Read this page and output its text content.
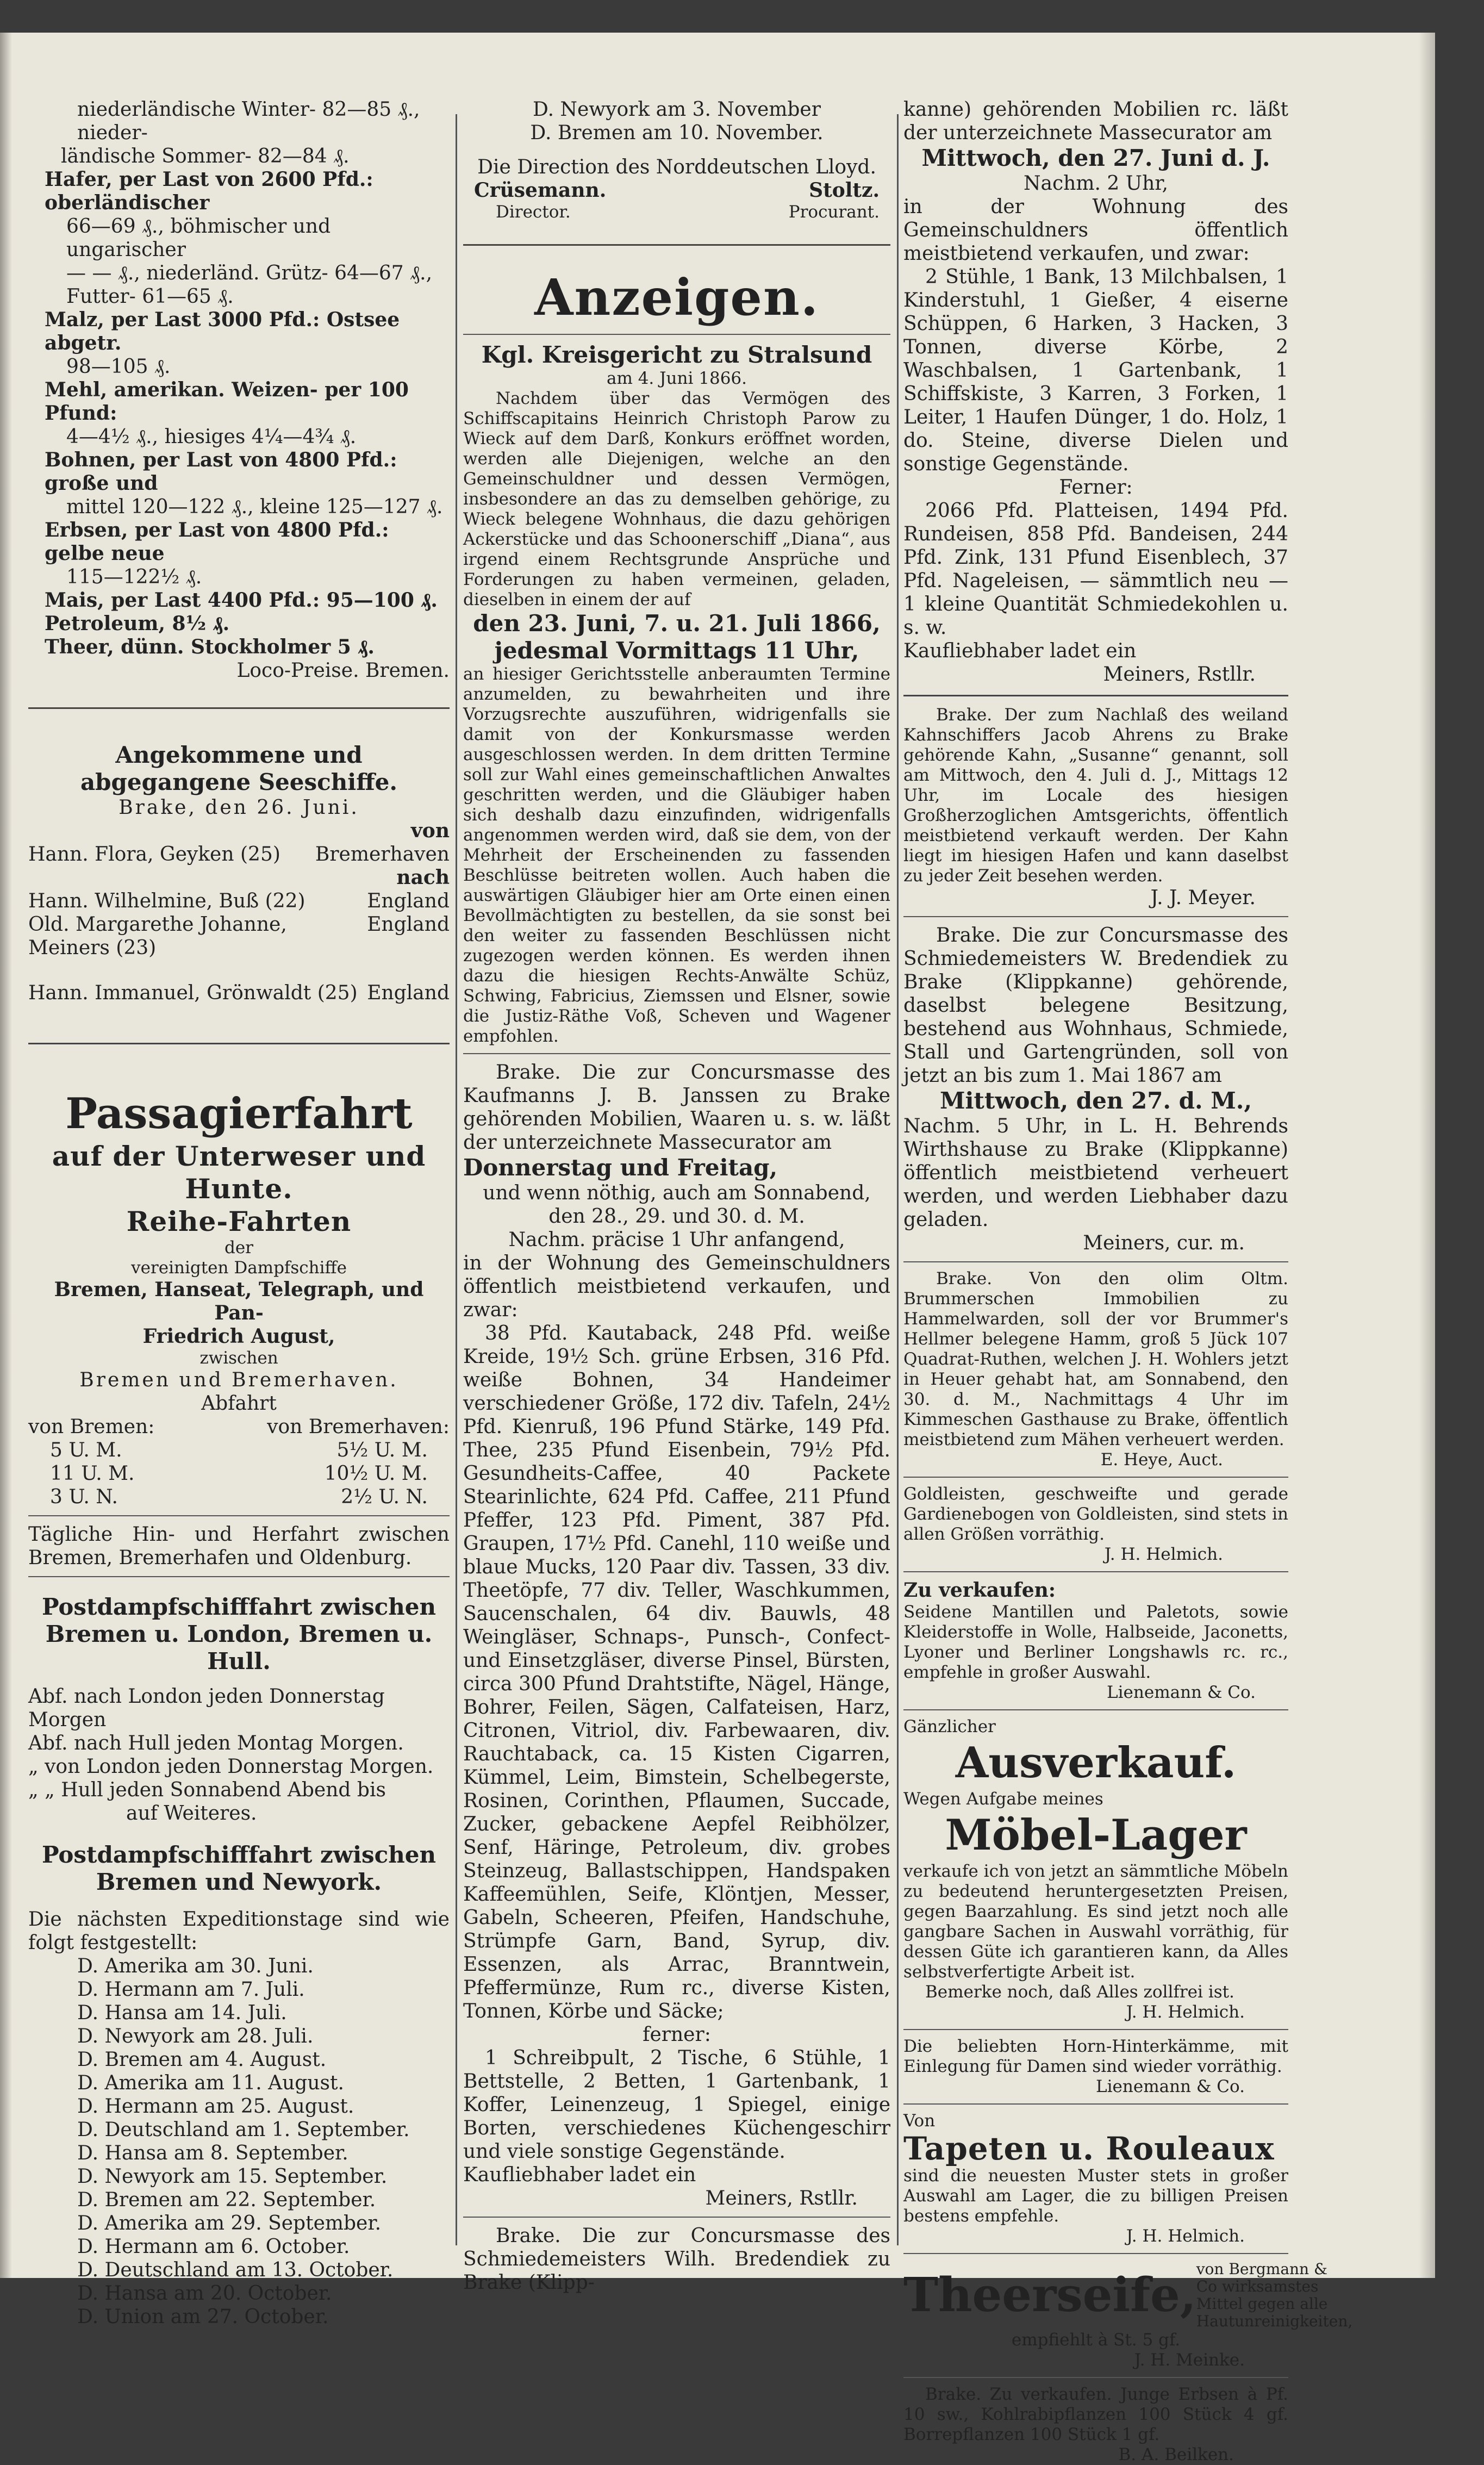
niederländische Winter- 82—85 ₰., nieder-

ländische Sommer- 82—84 ₰.

Hafer, per Last von 2600 Pfd.: oberländischer

66—69 ₰., böhmischer und ungarischer

— — ₰., niederländ. Grütz- 64—67 ₰.,

Futter- 61—65 ₰.

Malz, per Last 3000 Pfd.: Ostsee abgetr.

98—105 ₰.

Mehl, amerikan. Weizen- per 100 Pfund:

4—4½ ₰., hiesiges 4¼—4¾ ₰.

Bohnen, per Last von 4800 Pfd.: große und

mittel 120—122 ₰., kleine 125—127 ₰.

Erbsen, per Last von 4800 Pfd.: gelbe neue

115—122½ ₰.

Mais, per Last 4400 Pfd.: 95—100 ₰.

Petroleum, 8½ ₰.

Theer, dünn. Stockholmer 5 ₰.

Loco-Preise. Bremen.

Angekommene und abgegangene Seeschiffe.

Brake, den 26. Juni.

von

Hann. Flora, Geyken (25) Bremerhaven

nach

Hann. Wilhelmine, Buß (22)	England
Old. Margarethe Johanne, Meiners (23)
England
Hann. Immanuel, Grönwaldt (25) England

Passagierfahrt

auf der Unterweser und Hunte.

Reihe-Fahrten

der

vereinigten Dampfschiffe

Bremen, Hanseat, Telegraph, und Pan-

Friedrich August,

zwischen

Bremen und Bremerhaven.

Abfahrt

von Bremen:	von Bremerhaven:
5 U. M.	5½ U. M.
11 U. M.	10½ U. M.
3 U. N.	2½ U. N.

Tägliche Hin- und Herfahrt zwischen Bremen, Bremerhafen und Oldenburg.

Postdampfschifffahrt zwischen Bremen u. London, Bremen u. Hull.

Abf. nach London jeden Donnerstag Morgen

Abf. nach Hull jeden Montag Morgen.

„ von London jeden Donnerstag Morgen.

„ „ Hull jeden Sonnabend Abend bis

auf Weiteres.

Postdampfschifffahrt zwischen Bremen und Newyork.

Die nächsten Expeditionstage sind wie folgt festgestellt:

D. Amerika am 30. Juni.
D. Hermann am 7. Juli.
D. Hansa am 14. Juli.
D. Newyork am 28. Juli.
D. Bremen am 4. August.
D. Amerika am 11. August.
D. Hermann am 25. August.
D. Deutschland am 1. September.
D. Hansa am 8. September.
D. Newyork am 15. September.
D. Bremen am 22. September.
D. Amerika am 29. September.
D. Hermann am 6. October.
D. Deutschland am 13. October.
D. Hansa am 20. October.
D. Union am 27. October.

D. Newyork am 3. November

D. Bremen am 10. November.

Die Direction des Norddeutschen Lloyd.

Crüsemann.	Stoltz.
Director.	Procurant.

Anzeigen.

Kgl. Kreisgericht zu Stralsund

am 4. Juni 1866.

Nachdem über das Vermögen des Schiffscapitains Heinrich Christoph Parow zu Wieck auf dem Darß, Konkurs eröffnet worden, werden alle Diejenigen, welche an den Gemeinschuldner und dessen Vermögen, insbesondere an das zu demselben gehörige, zu Wieck belegene Wohnhaus, die dazu gehörigen Ackerstücke und das Schoonerschiff „Diana“, aus irgend einem Rechtsgrunde Ansprüche und Forderungen zu haben vermeinen, geladen, dieselben in einem der auf

den 23. Juni, 7. u. 21. Juli 1866,

jedesmal Vormittags 11 Uhr,

an hiesiger Gerichtsstelle anberaumten Termine anzumelden, zu bewahrheiten und ihre Vorzugsrechte auszuführen, widrigenfalls sie damit von der Konkursmasse werden ausgeschlossen werden. In dem dritten Termine soll zur Wahl eines gemeinschaftlichen Anwaltes geschritten werden, und die Gläubiger haben sich deshalb dazu einzufinden, widrigenfalls angenommen werden wird, daß sie dem, von der Mehrheit der Erscheinenden zu fassenden Beschlüsse beitreten wollen. Auch haben die auswärtigen Gläubiger hier am Orte einen einen Bevollmächtigten zu bestellen, da sie sonst bei den weiter zu fassenden Beschlüssen nicht zugezogen werden können. Es werden ihnen dazu die hiesigen Rechts-Anwälte Schüz, Schwing, Fabricius, Ziemssen und Elsner, sowie die Justiz-Räthe Voß, Scheven und Wagener empfohlen.

Brake. Die zur Concursmasse des Kaufmanns J. B. Janssen zu Brake gehörenden Mobilien, Waaren u. s. w. läßt der unterzeichnete Massecurator am

Donnerstag und Freitag,

und wenn nöthig, auch am Sonnabend,

den 28., 29. und 30. d. M.

Nachm. präcise 1 Uhr anfangend,

in der Wohnung des Gemeinschuldners öffentlich meistbietend verkaufen, und zwar:

38 Pfd. Kautaback, 248 Pfd. weiße Kreide, 19½ Sch. grüne Erbsen, 316 Pfd. weiße Bohnen, 34 Handeimer verschiedener Größe, 172 div. Tafeln, 24½ Pfd. Kienruß, 196 Pfund Stärke, 149 Pfd. Thee, 235 Pfund Eisenbein, 79½ Pfd. Gesundheits-Caffee, 40 Packete Stearinlichte, 624 Pfd. Caffee, 211 Pfund Pfeffer, 123 Pfd. Piment, 387 Pfd. Graupen, 17½ Pfd. Canehl, 110 weiße und blaue Mucks, 120 Paar div. Tassen, 33 div. Theetöpfe, 77 div. Teller, Waschkummen, Saucenschalen, 64 div. Bauwls, 48 Weingläser, Schnaps-, Punsch-, Confect- und Einsetzgläser, diverse Pinsel, Bürsten, circa 300 Pfund Drahtstifte, Nägel, Hänge, Bohrer, Feilen, Sägen, Calfateisen, Harz, Citronen, Vitriol, div. Farbewaaren, div. Rauchtaback, ca. 15 Kisten Cigarren, Kümmel, Leim, Bimstein, Schelbegerste, Rosinen, Corinthen, Pflaumen, Succade, Zucker, gebackene Aepfel Reibhölzer, Senf, Häringe, Petroleum, div. grobes Steinzeug, Ballastschippen, Handspaken Kaffeemühlen, Seife, Klöntjen, Messer, Gabeln, Scheeren, Pfeifen, Handschuhe, Strümpfe Garn, Band, Syrup, div. Essenzen, als Arrac, Branntwein, Pfeffermünze, Rum rc., diverse Kisten, Tonnen, Körbe und Säcke;

ferner:

1 Schreibpult, 2 Tische, 6 Stühle, 1 Bettstelle, 2 Betten, 1 Gartenbank, 1 Koffer, Leinenzeug, 1 Spiegel, einige Borten, verschiedenes Küchengeschirr und viele sonstige Gegenstände.

Kaufliebhaber ladet ein

Meiners, Rstllr.

Brake. Die zur Concursmasse des Schmiedemeisters Wilh. Bredendiek zu Brake (Klipp-

kanne) gehörenden Mobilien rc. läßt der unterzeichnete Massecurator am

Mittwoch, den 27. Juni d. J.

Nachm. 2 Uhr,

in der Wohnung des Gemeinschuldners öffentlich meistbietend verkaufen, und zwar:

2 Stühle, 1 Bank, 13 Milchbalsen, 1 Kinderstuhl, 1 Gießer, 4 eiserne Schüppen, 6 Harken, 3 Hacken, 3 Tonnen, diverse Körbe, 2 Waschbalsen, 1 Gartenbank, 1 Schiffskiste, 3 Karren, 3 Forken, 1 Leiter, 1 Haufen Dünger, 1 do. Holz, 1 do. Steine, diverse Dielen und sonstige Gegenstände.

Ferner:

2066 Pfd. Platteisen, 1494 Pfd. Rundeisen, 858 Pfd. Bandeisen, 244 Pfd. Zink, 131 Pfund Eisenblech, 37 Pfd. Nageleisen, — sämmtlich neu — 1 kleine Quantität Schmiedekohlen u. s. w.

Kaufliebhaber ladet ein

Meiners, Rstllr.

Brake. Der zum Nachlaß des weiland Kahnschiffers Jacob Ahrens zu Brake gehörende Kahn, „Susanne“ genannt, soll am Mittwoch, den 4. Juli d. J., Mittags 12 Uhr, im Locale des hiesigen Großherzoglichen Amtsgerichts, öffentlich meistbietend verkauft werden. Der Kahn liegt im hiesigen Hafen und kann daselbst zu jeder Zeit besehen werden.

J. J. Meyer.

Brake. Die zur Concursmasse des Schmiedemeisters W. Bredendiek zu Brake (Klippkanne) gehörende, daselbst belegene Besitzung, bestehend aus Wohnhaus, Schmiede, Stall und Gartengründen, soll von jetzt an bis zum 1. Mai 1867 am

Mittwoch, den 27. d. M.,

Nachm. 5 Uhr, in L. H. Behrends Wirthshause zu Brake (Klippkanne) öffentlich meistbietend verheuert werden, und werden Liebhaber dazu geladen.

Meiners, cur. m.

Brake. Von den olim Oltm. Brummerschen Immobilien zu Hammelwarden, soll der vor Brummer's Hellmer belegene Hamm, groß 5 Jück 107 Quadrat-Ruthen, welchen J. H. Wohlers jetzt in Heuer gehabt hat, am Sonnabend, den 30. d. M., Nachmittags 4 Uhr im Kimmeschen Gasthause zu Brake, öffentlich meistbietend zum Mähen verheuert werden.

E. Heye, Auct.

Goldleisten, geschweifte und gerade Gardienebogen von Goldleisten, sind stets in allen Größen vorräthig.

J. H. Helmich.

Zu verkaufen:

Seidene Mantillen und Paletots, sowie Kleiderstoffe in Wolle, Halbseide, Jaconetts, Lyoner und Berliner Longshawls rc. rc., empfehle in großer Auswahl.

Lienemann & Co.

Gänzlicher

Ausverkauf.

Wegen Aufgabe meines

Möbel-Lager

verkaufe ich von jetzt an sämmtliche Möbeln zu bedeutend heruntergesetzten Preisen, gegen Baarzahlung. Es sind jetzt noch alle gangbare Sachen in Auswahl vorräthig, für dessen Güte ich garantieren kann, da Alles selbstverfertigte Arbeit ist.

Bemerke noch, daß Alles zollfrei ist.

J. H. Helmich.

Die beliebten Horn-Hinterkämme, mit Einlegung für Damen sind wieder vorräthig.

Lienemann & Co.

Von

Tapeten u. Rouleaux

sind die neuesten Muster stets in großer Auswahl am Lager, die zu billigen Preisen bestens empfehle.

J. H. Helmich.

Theerseife, von Bergmann & Co wirksamstes Mittel gegen alle Hautunreinigkeiten,

empfiehlt à St. 5 gf.

J. H. Meinke.

Brake. Zu verkaufen. Junge Erbsen à Pf. 10 sw., Kohlrabipflanzen 100 Stück 4 gf. Borrepflanzen 100 Stück 1 gf.

B. A. Beilken.
